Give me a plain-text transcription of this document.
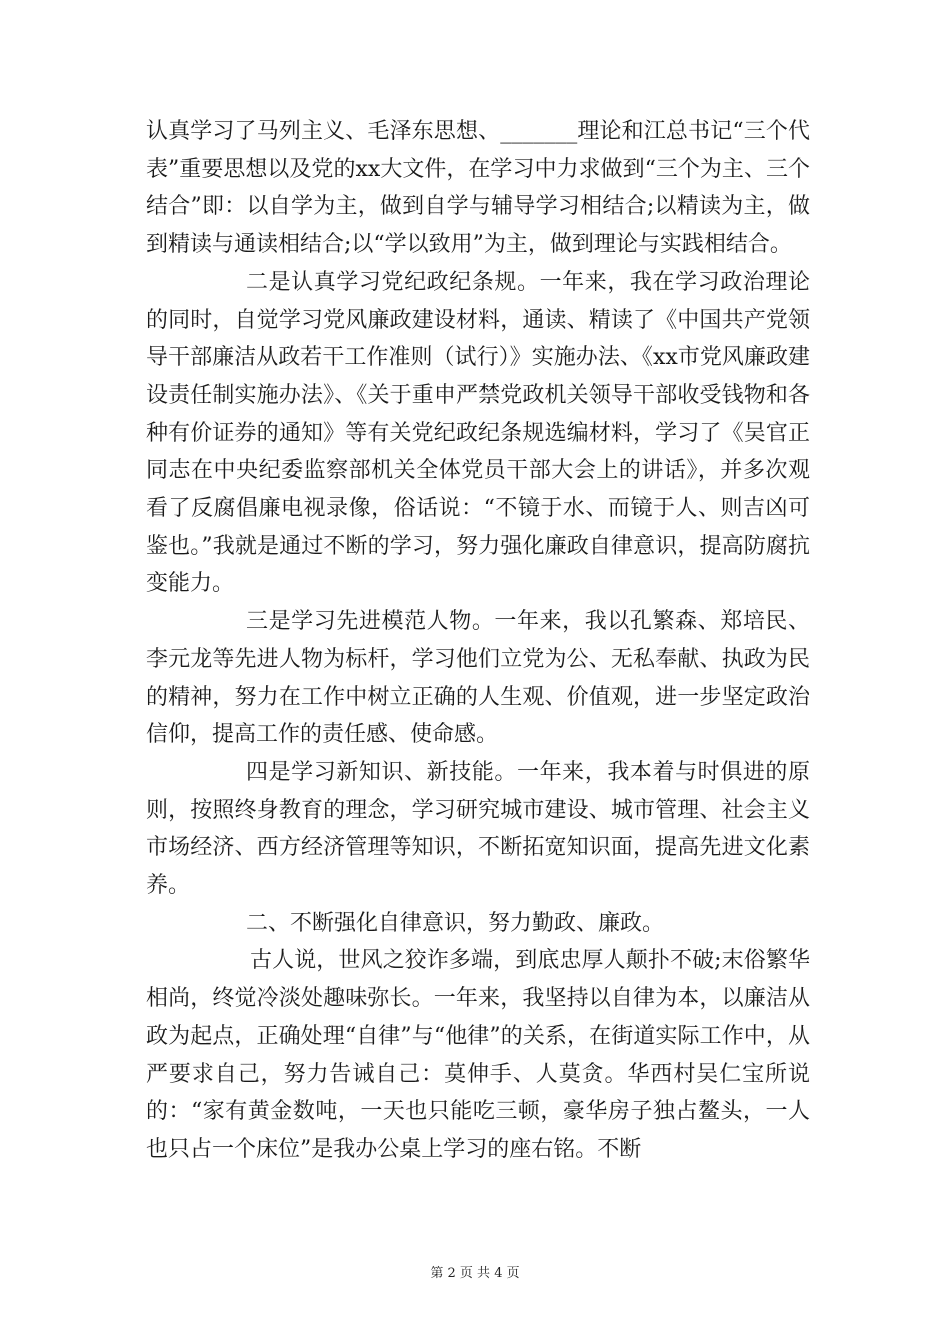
认真学习了马列主义、毛泽东思想、_______理论和江总书记“三个代表”重要思想以及党的xx大文件，在学习中力求做到“三个为主、三个结合”即：以自学为主，做到自学与辅导学习相结合;以精读为主，做到精读与通读相结合;以“学以致用”为主，做到理论与实践相结合。

二是认真学习党纪政纪条规。一年来，我在学习政治理论的同时，自觉学习党风廉政建设材料，通读、精读了《中国共产党领导干部廉洁从政若干工作准则（试行）》实施办法、《xx市党风廉政建设责任制实施办法》、《关于重申严禁党政机关领导干部收受钱物和各种有价证券的通知》等有关党纪政纪条规选编材料，学习了《吴官正同志在中央纪委监察部机关全体党员干部大会上的讲话》，并多次观看了反腐倡廉电视录像，俗话说：“不镜于水、而镜于人、则吉凶可鉴也。”我就是通过不断的学习，努力强化廉政自律意识，提高防腐抗变能力。

三是学习先进模范人物。一年来，我以孔繁森、郑培民、李元龙等先进人物为标杆，学习他们立党为公、无私奉献、执政为民的精神，努力在工作中树立正确的人生观、价值观，进一步坚定政治信仰，提高工作的责任感、使命感。

四是学习新知识、新技能。一年来，我本着与时俱进的原则，按照终身教育的理念，学习研究城市建设、城市管理、社会主义市场经济、西方经济管理等知识，不断拓宽知识面，提高先进文化素养。

二、不断强化自律意识，努力勤政、廉政。

古人说，世风之狡诈多端，到底忠厚人颠扑不破;末俗繁华相尚，终觉冷淡处趣味弥长。一年来，我坚持以自律为本，以廉洁从政为起点，正确处理“自律”与“他律”的关系，在街道实际工作中，从严要求自己，努力告诫自己：莫伸手、人莫贪。华西村吴仁宝所说的：“家有黄金数吨，一天也只能吃三顿，豪华房子独占鳌头，一人也只占一个床位”是我办公桌上学习的座右铭。不断

第 2 页 共 4 页
